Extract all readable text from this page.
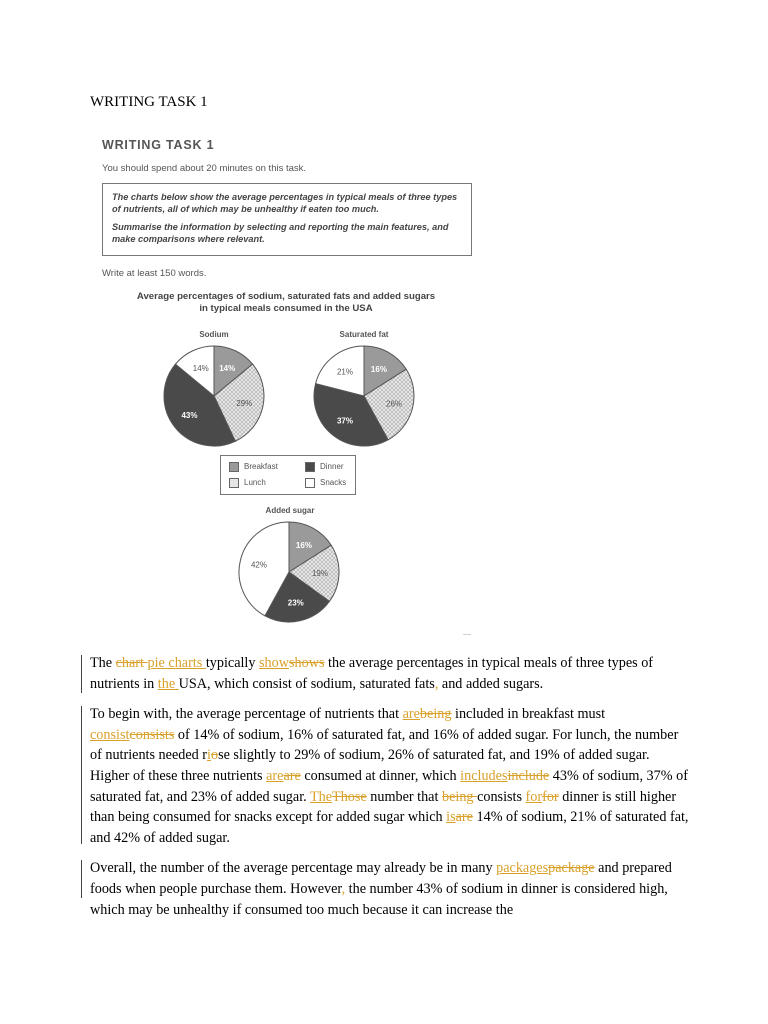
WRITING TASK 1
WRITING TASK 1
You should spend about 20 minutes on this task.

The charts below show the average percentages in typical meals of three types of nutrients, all of which may be unhealthy if eaten too much.

Summarise the information by selecting and reporting the main features, and make comparisons where relevant.

Write at least 150 words.
Average percentages of sodium, saturated fats and added sugars in typical meals consumed in the USA
Sodium	Saturated fat
Added sugar
14%
29%
43%
14%	16%
26%
37%
21%
16%
19%
23%
42%
Breakfast	Dinner
Lunch	Snacks
~~
The chart pie charts typically showshows the average percentages in typical meals of three types of nutrients in the USA, which consist of sodium, saturated fats, and added sugars.
To begin with, the average percentage of nutrients that arebeing included in breakfast must consistconsists of 14% of sodium, 16% of saturated fat, and 16% of added sugar. For lunch, the number of nutrients needed riose slightly to 29% of sodium, 26% of saturated fat, and 19% of added sugar. Higher of these three nutrients areare consumed at dinner, which includesinclude 43% of sodium, 37% of saturated fat, and 23% of added sugar. TheThose number that being consists forfor dinner is still higher than being consumed for snacks except for added sugar which isare 14% of sodium, 21% of saturated fat, and 42% of added sugar.
Overall, the number of the average percentage may already be in many packagespackage and prepared foods when people purchase them. However, the number 43% of sodium in dinner is considered high, which may be unhealthy if consumed too much because it can increase the
